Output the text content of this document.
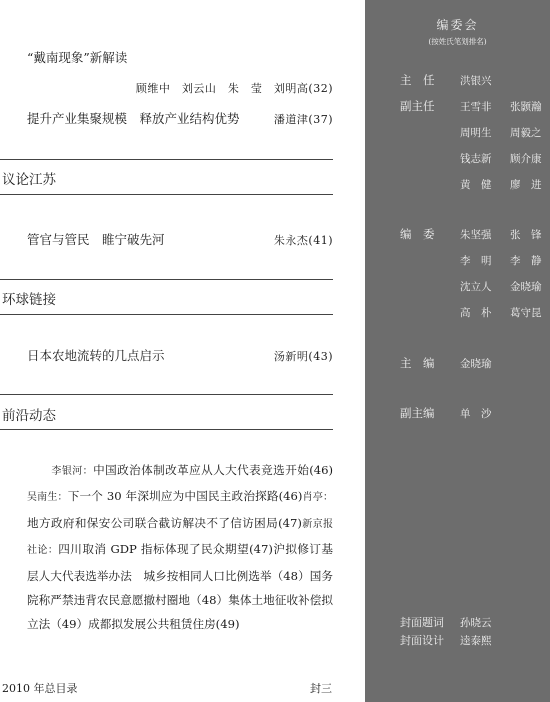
“戴南现象”新解读
顾维中　刘云山　朱　莹　刘明高(32)
提升产业集聚规模　释放产业结构优势	潘道津(37)
议论江苏
管官与管民　睢宁破先河	朱永杰(41)
环球链接
日本农地流转的几点启示	汤新明(43)
前沿动态
李银河：中国政治体制改革应从人大代表竞选开始(46)吴南生：下一个 30 年深圳应为中国民主政治探路(46)肖亭：地方政府和保安公司联合截访解决不了信访困局(47)新京报社论：四川取消 GDP 指标体现了民众期望(47)沪拟修订基层人大代表选举办法　城乡按相同人口比例选举（48）国务院称严禁违背农民意愿撤村圈地（48）集体土地征收补偿拟立法（49）成都拟发展公共租赁住房(49)
2010 年总目录	封三
编委会
(按姓氏笔划排名)
主　任 洪银兴
副主任 王雪非 张颢瀚
周明生 周毅之
钱志新 顾介康
黄　健 廖　进
编　委 朱坚强 张　锋
李　明 李　静
沈立人 金晓瑜
高　朴 葛守昆
主　编 金晓瑜
副主编 单　沙
封面题词 孙晓云
封面设计 逵泰熙
